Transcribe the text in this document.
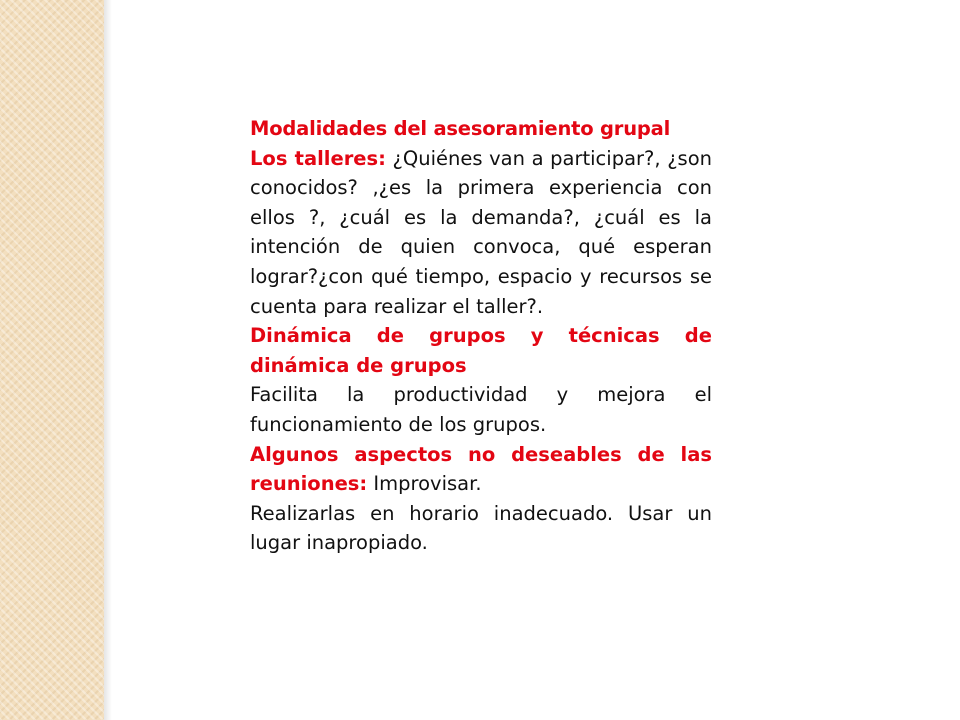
Modalidades del asesoramiento grupal

Los talleres: ¿Quiénes van a participar?, ¿son conocidos? ,¿es la primera experiencia con ellos ?, ¿cuál es la demanda?, ¿cuál es la intención de quien convoca, qué esperan lograr?¿con qué tiempo, espacio y recursos se cuenta para realizar el taller?.

Dinámica de grupos y técnicas de dinámica de grupos

Facilita la productividad y mejora el funcionamiento de los grupos.

Algunos aspectos no deseables de las reuniones: Improvisar.

Realizarlas en horario inadecuado. Usar un lugar inapropiado.
